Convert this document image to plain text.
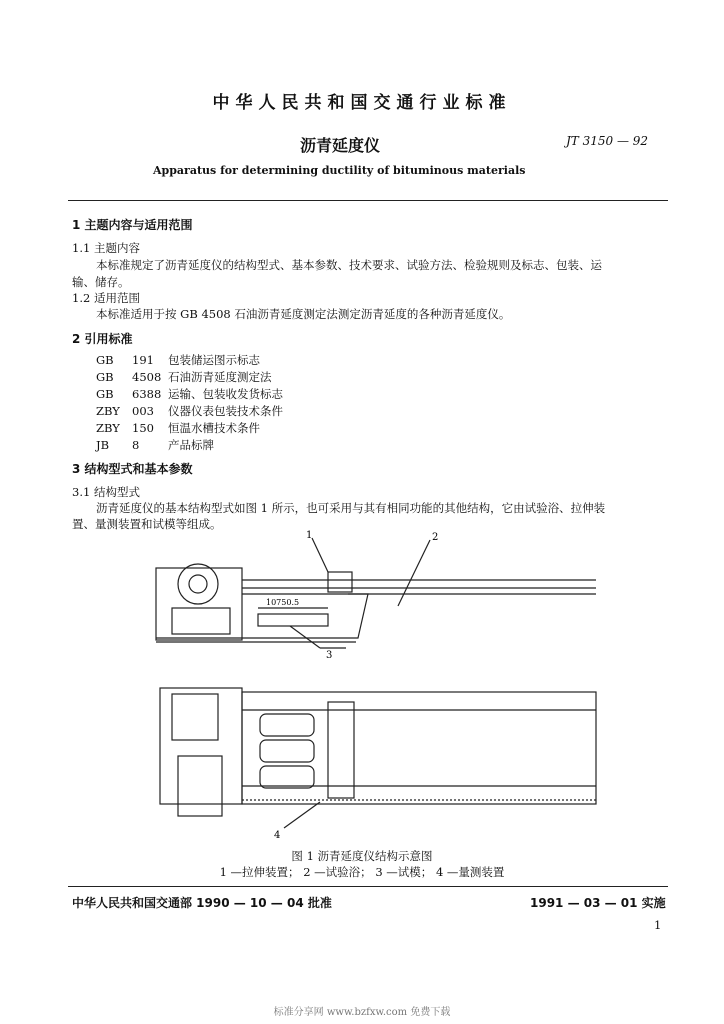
中华人民共和国交通行业标准
沥青延度仪	JT 3150 — 92
Apparatus for determining ductility of bituminous materials
1 主题内容与适用范围
1.1 主题内容
本标准规定了沥青延度仪的结构型式、基本参数、技术要求、试验方法、检验规则及标志、包装、运
输、储存。
1.2 适用范围
本标准适用于按 GB 4508 石油沥青延度测定法测定沥青延度的各种沥青延度仪。
2 引用标准
GB 191 包装储运图示标志
GB 4508 石油沥青延度测定法
GB 6388 运输、包装收发货标志
ZBY 003 仪器仪表包装技术条件
ZBY 150 恒温水槽技术条件
JB 8 产品标牌
3 结构型式和基本参数
3.1 结构型式
沥青延度仪的基本结构型式如图 1 所示，也可采用与其有相同功能的其他结构，它由试验浴、拉伸装
置、量测装置和试模等组成。
1	2
3
4
10750.5
图 1 沥青延度仪结构示意图
1 —拉伸装置； 2 —试验浴； 3 —试模； 4 —量测装置
中华人民共和国交通部 1990 — 10 — 04 批准	1991 — 03 — 01 实施
1
标准分享网 www.bzfxw.com 免费下载
